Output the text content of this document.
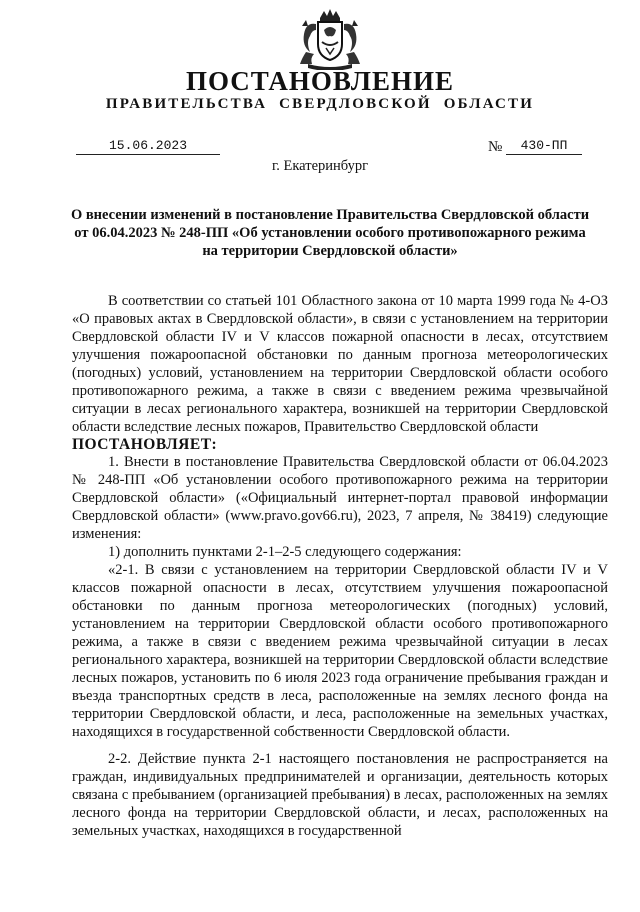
ПОСТАНОВЛЕНИЕ
ПРАВИТЕЛЬСТВА СВЕРДЛОВСКОЙ ОБЛАСТИ
15.06.2023	№	430-ПП
г. Екатеринбург
О внесении изменений в постановление Правительства Свердловской области от 06.04.2023 № 248-ПП «Об установлении особого противопожарного режима на территории Свердловской области»

В соответствии со статьей 101 Областного закона от 10 марта 1999 года № 4-ОЗ «О правовых актах в Свердловской области», в связи с установлением на территории Свердловской области IV и V классов пожарной опасности в лесах, отсутствием улучшения пожароопасной обстановки по данным прогноза метеорологических (погодных) условий, установлением на территории Свердловской области особого противопожарного режима, а также в связи с введением режима чрезвычайной ситуации в лесах регионального характера, возникшей на территории Свердловской области вследствие лесных пожаров, Правительство Свердловской области

ПОСТАНОВЛЯЕТ:

1. Внести в постановление Правительства Свердловской области от 06.04.2023 № 248-ПП «Об установлении особого противопожарного режима на территории Свердловской области» («Официальный интернет-портал правовой информации Свердловской области» (www.pravo.gov66.ru), 2023, 7 апреля, № 38419) следующие изменения:

1) дополнить пунктами 2-1–2-5 следующего содержания:

«2-1. В связи с установлением на территории Свердловской области IV и V классов пожарной опасности в лесах, отсутствием улучшения пожароопасной обстановки по данным прогноза метеорологических (погодных) условий, установлением на территории Свердловской области особого противопожарного режима, а также в связи с введением режима чрезвычайной ситуации в лесах регионального характера, возникшей на территории Свердловской области вследствие лесных пожаров, установить по 6 июля 2023 года ограничение пребывания граждан и въезда транспортных средств в леса, расположенные на землях лесного фонда на территории Свердловской области, и леса, расположенные на земельных участках, находящихся в государственной собственности Свердловской области.

2-2. Действие пункта 2-1 настоящего постановления не распространяется на граждан, индивидуальных предпринимателей и организации, деятельность которых связана с пребыванием (организацией пребывания) в лесах, расположенных на землях лесного фонда на территории Свердловской области, и лесах, расположенных на земельных участках, находящихся в государственной
